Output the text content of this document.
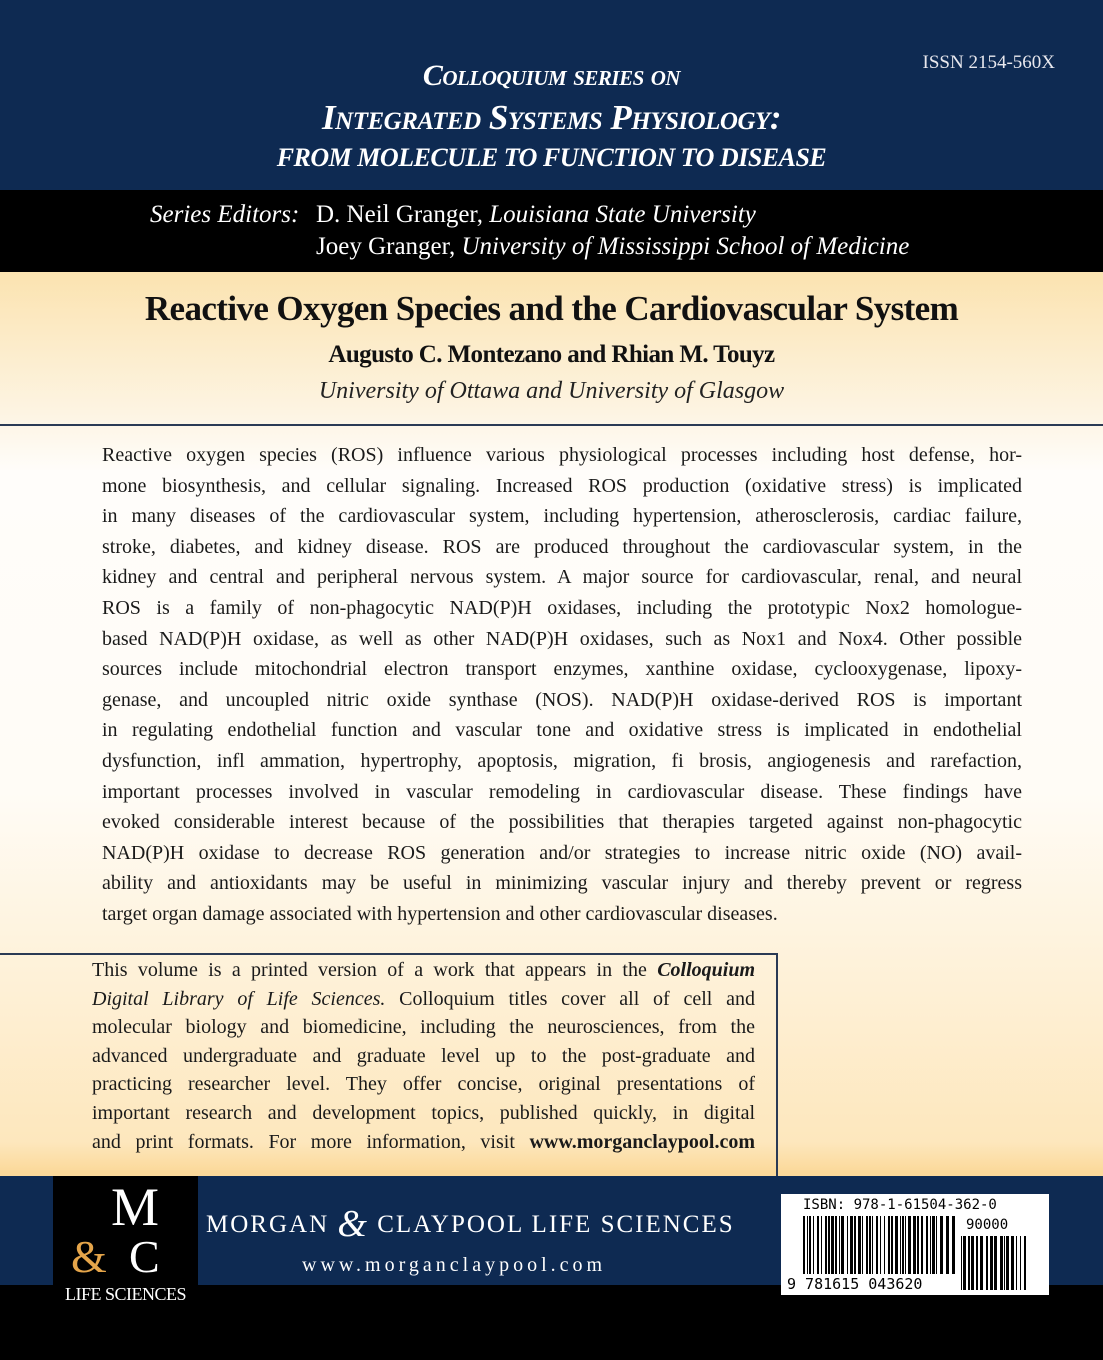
ISSN 2154-560X
Colloquium series on
Integrated Systems Physiology:
FROM MOLECULE TO FUNCTION TO DISEASE
Series Editors: D. Neil Granger, Louisiana State University
Joey Granger, University of Mississippi School of Medicine
Reactive Oxygen Species and the Cardiovascular System
Augusto C. Montezano and Rhian M. Touyz
University of Ottawa and University of Glasgow
Reactive oxygen species (ROS) influence various physiological processes including host defense, hor-
mone biosynthesis, and cellular signaling. Increased ROS production (oxidative stress) is implicated
in many diseases of the cardiovascular system, including hypertension, atherosclerosis, cardiac failure,
stroke, diabetes, and kidney disease. ROS are produced throughout the cardiovascular system, in the
kidney and central and peripheral nervous system. A major source for cardiovascular, renal, and neural
ROS is a family of non-phagocytic NAD(P)H oxidases, including the prototypic Nox2 homologue-
based NAD(P)H oxidase, as well as other NAD(P)H oxidases, such as Nox1 and Nox4. Other possible
sources include mitochondrial electron transport enzymes, xanthine oxidase, cyclooxygenase, lipoxy-
genase, and uncoupled nitric oxide synthase (NOS). NAD(P)H oxidase-derived ROS is important
in regulating endothelial function and vascular tone and oxidative stress is implicated in endothelial
dysfunction, infl ammation, hypertrophy, apoptosis, migration, fi brosis, angiogenesis and rarefaction,
important processes involved in vascular remodeling in cardiovascular disease. These findings have
evoked considerable interest because of the possibilities that therapies targeted against non-phagocytic
NAD(P)H oxidase to decrease ROS generation and/or strategies to increase nitric oxide (NO) avail-
ability and antioxidants may be useful in minimizing vascular injury and thereby prevent or regress
target organ damage associated with hypertension and other cardiovascular diseases.
This volume is a printed version of a work that appears in the Colloquium
Digital Library of Life Sciences. Colloquium titles cover all of cell and
molecular biology and biomedicine, including the neurosciences, from the
advanced undergraduate and graduate level up to the post-graduate and
practicing researcher level. They offer concise, original presentations of
important research and development topics, published quickly, in digital
and print formats. For more information, visit www.morganclaypool.com
M
& C
LIFE SCIENCES
MORGAN & CLAYPOOL LIFE SCIENCES
www.morganclaypool.com
ISBN: 978-1-61504-362-0
90000
9 781615 043620
